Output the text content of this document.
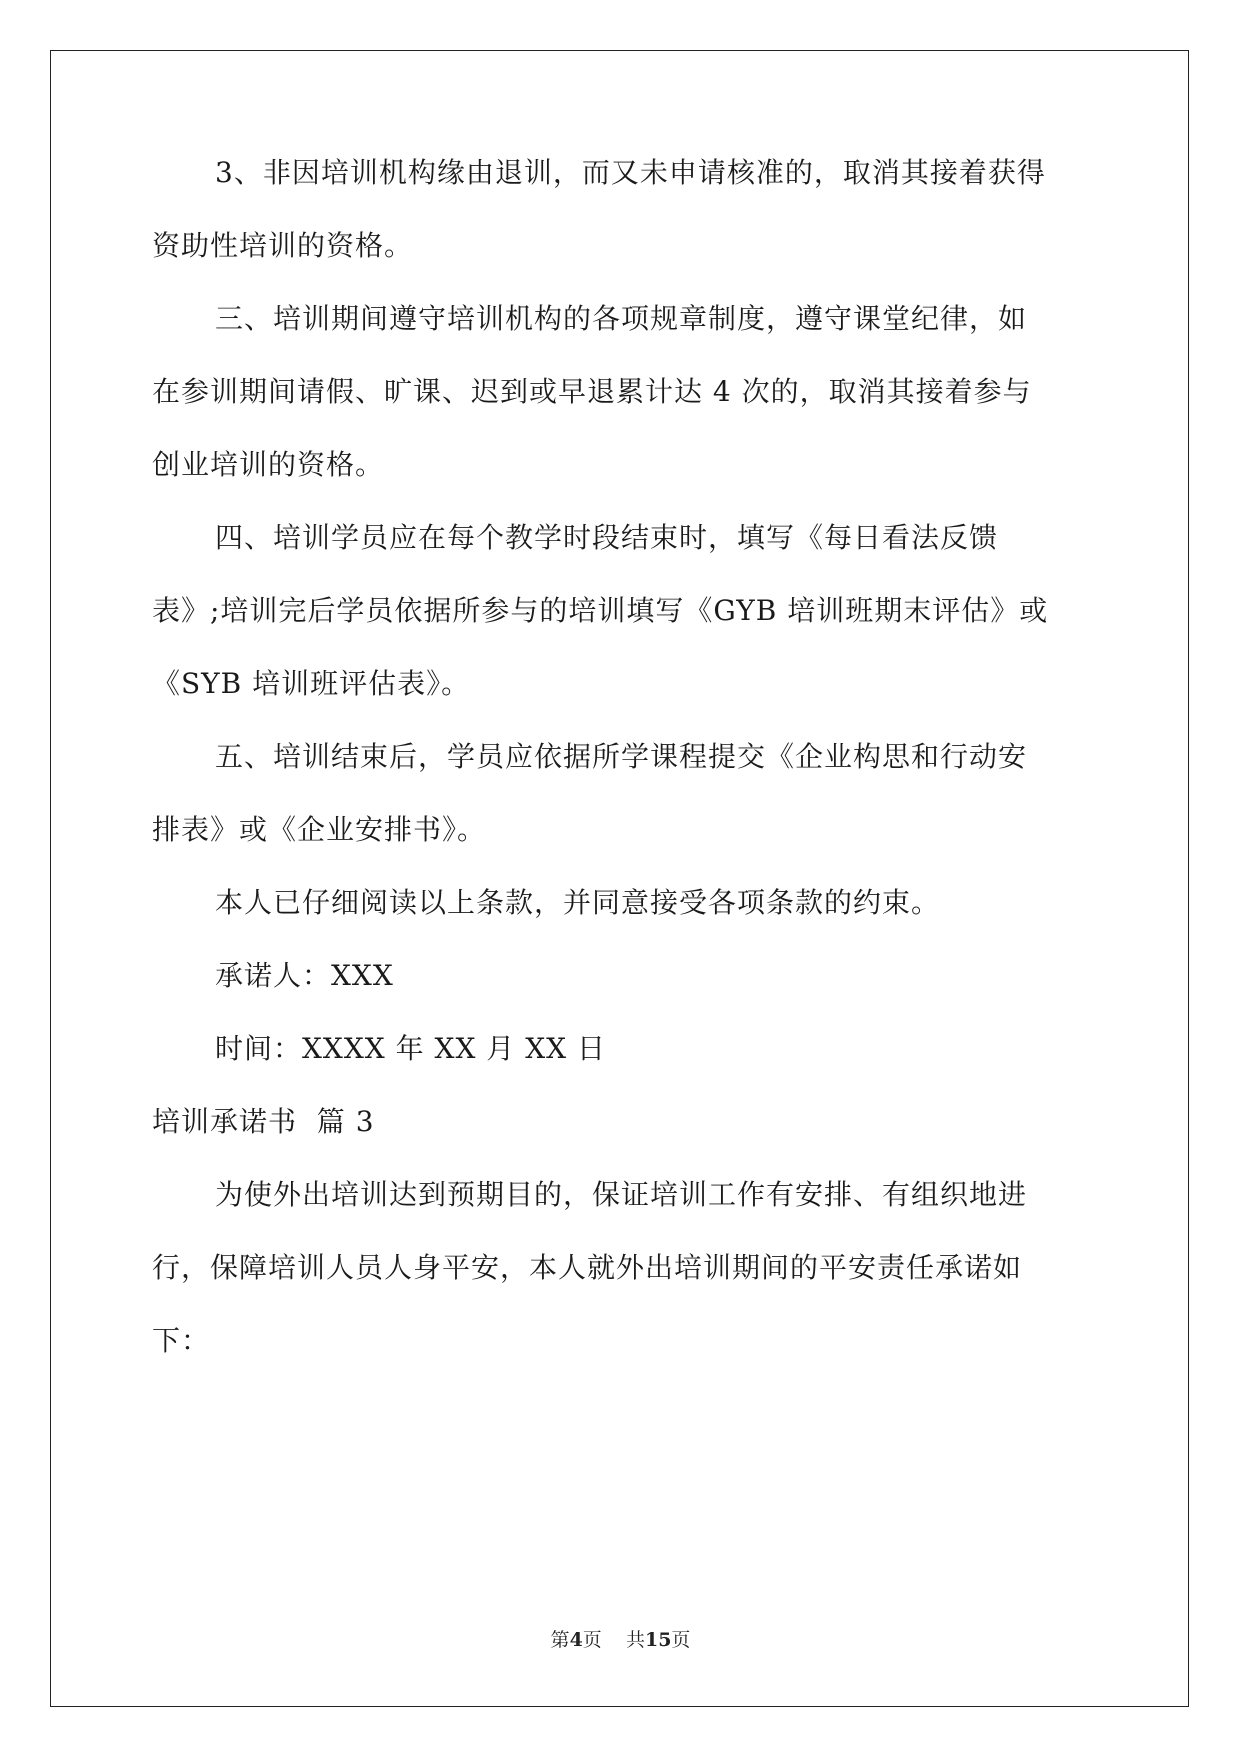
3、非因培训机构缘由退训，而又未申请核准的，取消其接着获得
资助性培训的资格。
三、培训期间遵守培训机构的各项规章制度，遵守课堂纪律，如
在参训期间请假、旷课、迟到或早退累计达 4 次的，取消其接着参与
创业培训的资格。
四、培训学员应在每个教学时段结束时，填写《每日看法反馈
表》;培训完后学员依据所参与的培训填写《GYB 培训班期末评估》或
《SYB 培训班评估表》。
五、培训结束后，学员应依据所学课程提交《企业构思和行动安
排表》或《企业安排书》。
本人已仔细阅读以上条款，并同意接受各项条款的约束。
承诺人：XXX
时间：XXXX 年 XX 月 XX 日
培训承诺书  篇 3
为使外出培训达到预期目的，保证培训工作有安排、有组织地进
行，保障培训人员人身平安，本人就外出培训期间的平安责任承诺如
下：
第4页    共15页
